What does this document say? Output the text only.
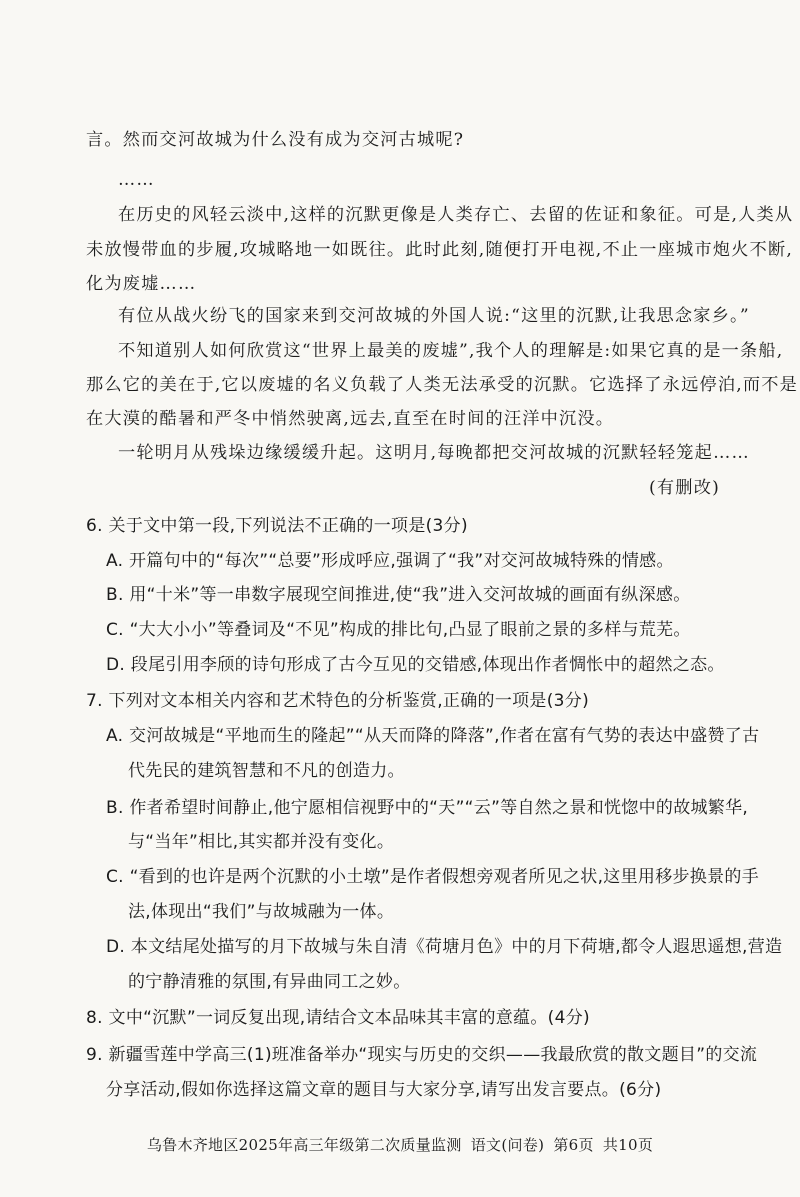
言。然而交河故城为什么没有成为交河古城呢?
……
在历史的风轻云淡中,这样的沉默更像是人类存亡、去留的佐证和象征。可是,人类从
未放慢带血的步履,攻城略地一如既往。此时此刻,随便打开电视,不止一座城市炮火不断,
化为废墟……
有位从战火纷飞的国家来到交河故城的外国人说:“这里的沉默,让我思念家乡。”
不知道别人如何欣赏这“世界上最美的废墟”,我个人的理解是:如果它真的是一条船,
那么它的美在于,它以废墟的名义负载了人类无法承受的沉默。它选择了永远停泊,而不是
在大漠的酷暑和严冬中悄然驶离,远去,直至在时间的汪洋中沉没。
一轮明月从残垛边缘缓缓升起。这明月,每晚都把交河故城的沉默轻轻笼起……
(有删改)
6. 关于文中第一段,下列说法不正确的一项是(3分)
A. 开篇句中的“每次”“总要”形成呼应,强调了“我”对交河故城特殊的情感。
B. 用“十米”等一串数字展现空间推进,使“我”进入交河故城的画面有纵深感。
C. “大大小小”等叠词及“不见”构成的排比句,凸显了眼前之景的多样与荒芜。
D. 段尾引用李颀的诗句形成了古今互见的交错感,体现出作者惆怅中的超然之态。
7. 下列对文本相关内容和艺术特色的分析鉴赏,正确的一项是(3分)
A. 交河故城是“平地而生的隆起”“从天而降的降落”,作者在富有气势的表达中盛赞了古
代先民的建筑智慧和不凡的创造力。
B. 作者希望时间静止,他宁愿相信视野中的“天”“云”等自然之景和恍惚中的故城繁华,
与“当年”相比,其实都并没有变化。
C. “看到的也许是两个沉默的小土墩”是作者假想旁观者所见之状,这里用移步换景的手
法,体现出“我们”与故城融为一体。
D. 本文结尾处描写的月下故城与朱自清《荷塘月色》中的月下荷塘,都令人遐思遥想,营造
的宁静清雅的氛围,有异曲同工之妙。
8. 文中“沉默”一词反复出现,请结合文本品味其丰富的意蕴。(4分)
9. 新疆雪莲中学高三(1)班准备举办“现实与历史的交织——我最欣赏的散文题目”的交流
分享活动,假如你选择这篇文章的题目与大家分享,请写出发言要点。(6分)
乌鲁木齐地区2025年高三年级第二次质量监测 语文(问卷) 第6页 共10页
